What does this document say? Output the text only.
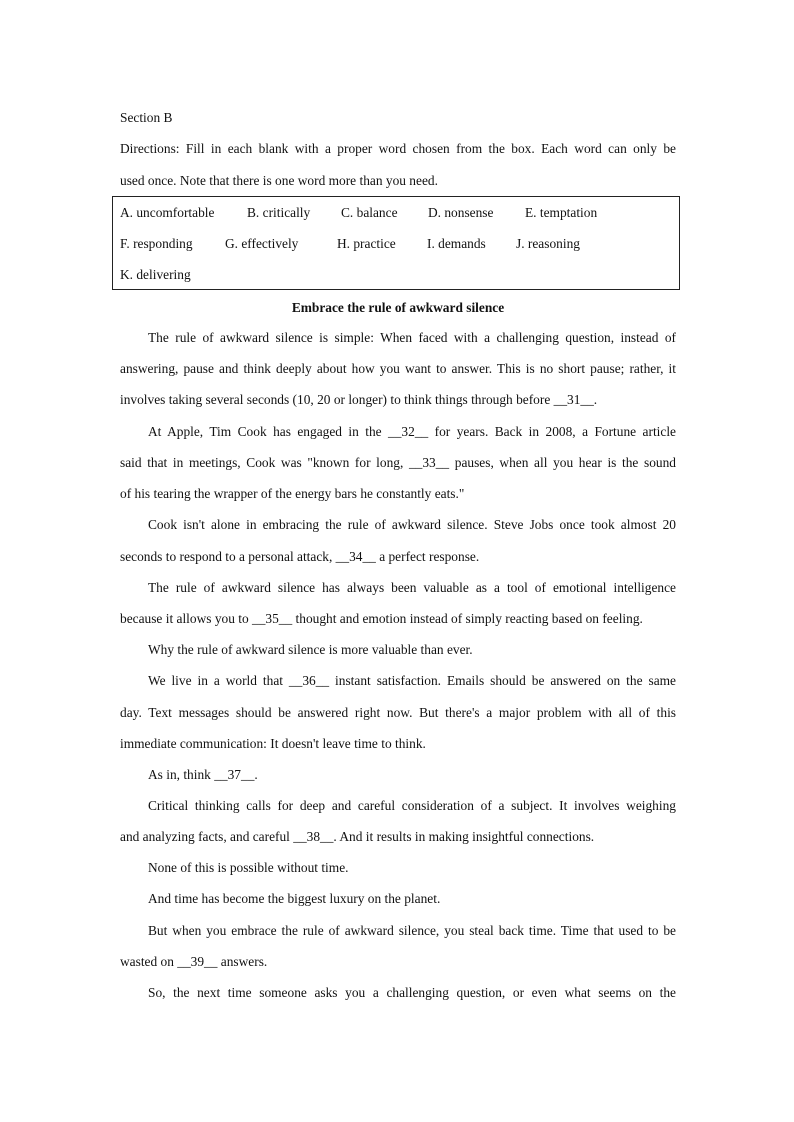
Section B
Directions: Fill in each blank with a proper word chosen from the box. Each word can only be
used once. Note that there is one word more than you need.
A. uncomfortable B. critically C. balance D. nonsense E. temptation
F. responding G. effectively	H. practice I. demands J. reasoning
K. delivering
Embrace the rule of awkward silence
The rule of awkward silence is simple: When faced with a challenging question, instead of
answering, pause and think deeply about how you want to answer. This is no short pause; rather, it
involves taking several seconds (10, 20 or longer) to think things through before __31__.
At Apple, Tim Cook has engaged in the __32__ for years. Back in 2008, a Fortune article
said that in meetings, Cook was "known for long, __33__ pauses, when all you hear is the sound
of his tearing the wrapper of the energy bars he constantly eats."
Cook isn't alone in embracing the rule of awkward silence. Steve Jobs once took almost 20
seconds to respond to a personal attack, __34__ a perfect response.
The rule of awkward silence has always been valuable as a tool of emotional intelligence
because it allows you to __35__ thought and emotion instead of simply reacting based on feeling.
Why the rule of awkward silence is more valuable than ever.
We live in a world that __36__ instant satisfaction. Emails should be answered on the same
day. Text messages should be answered right now. But there's a major problem with all of this
immediate communication: It doesn't leave time to think.
As in, think __37__.
Critical thinking calls for deep and careful consideration of a subject. It involves weighing
and analyzing facts, and careful __38__. And it results in making insightful connections.
None of this is possible without time.
And time has become the biggest luxury on the planet.
But when you embrace the rule of awkward silence, you steal back time. Time that used to be
wasted on __39__ answers.
So, the next time someone asks you a challenging question, or even what seems on the
